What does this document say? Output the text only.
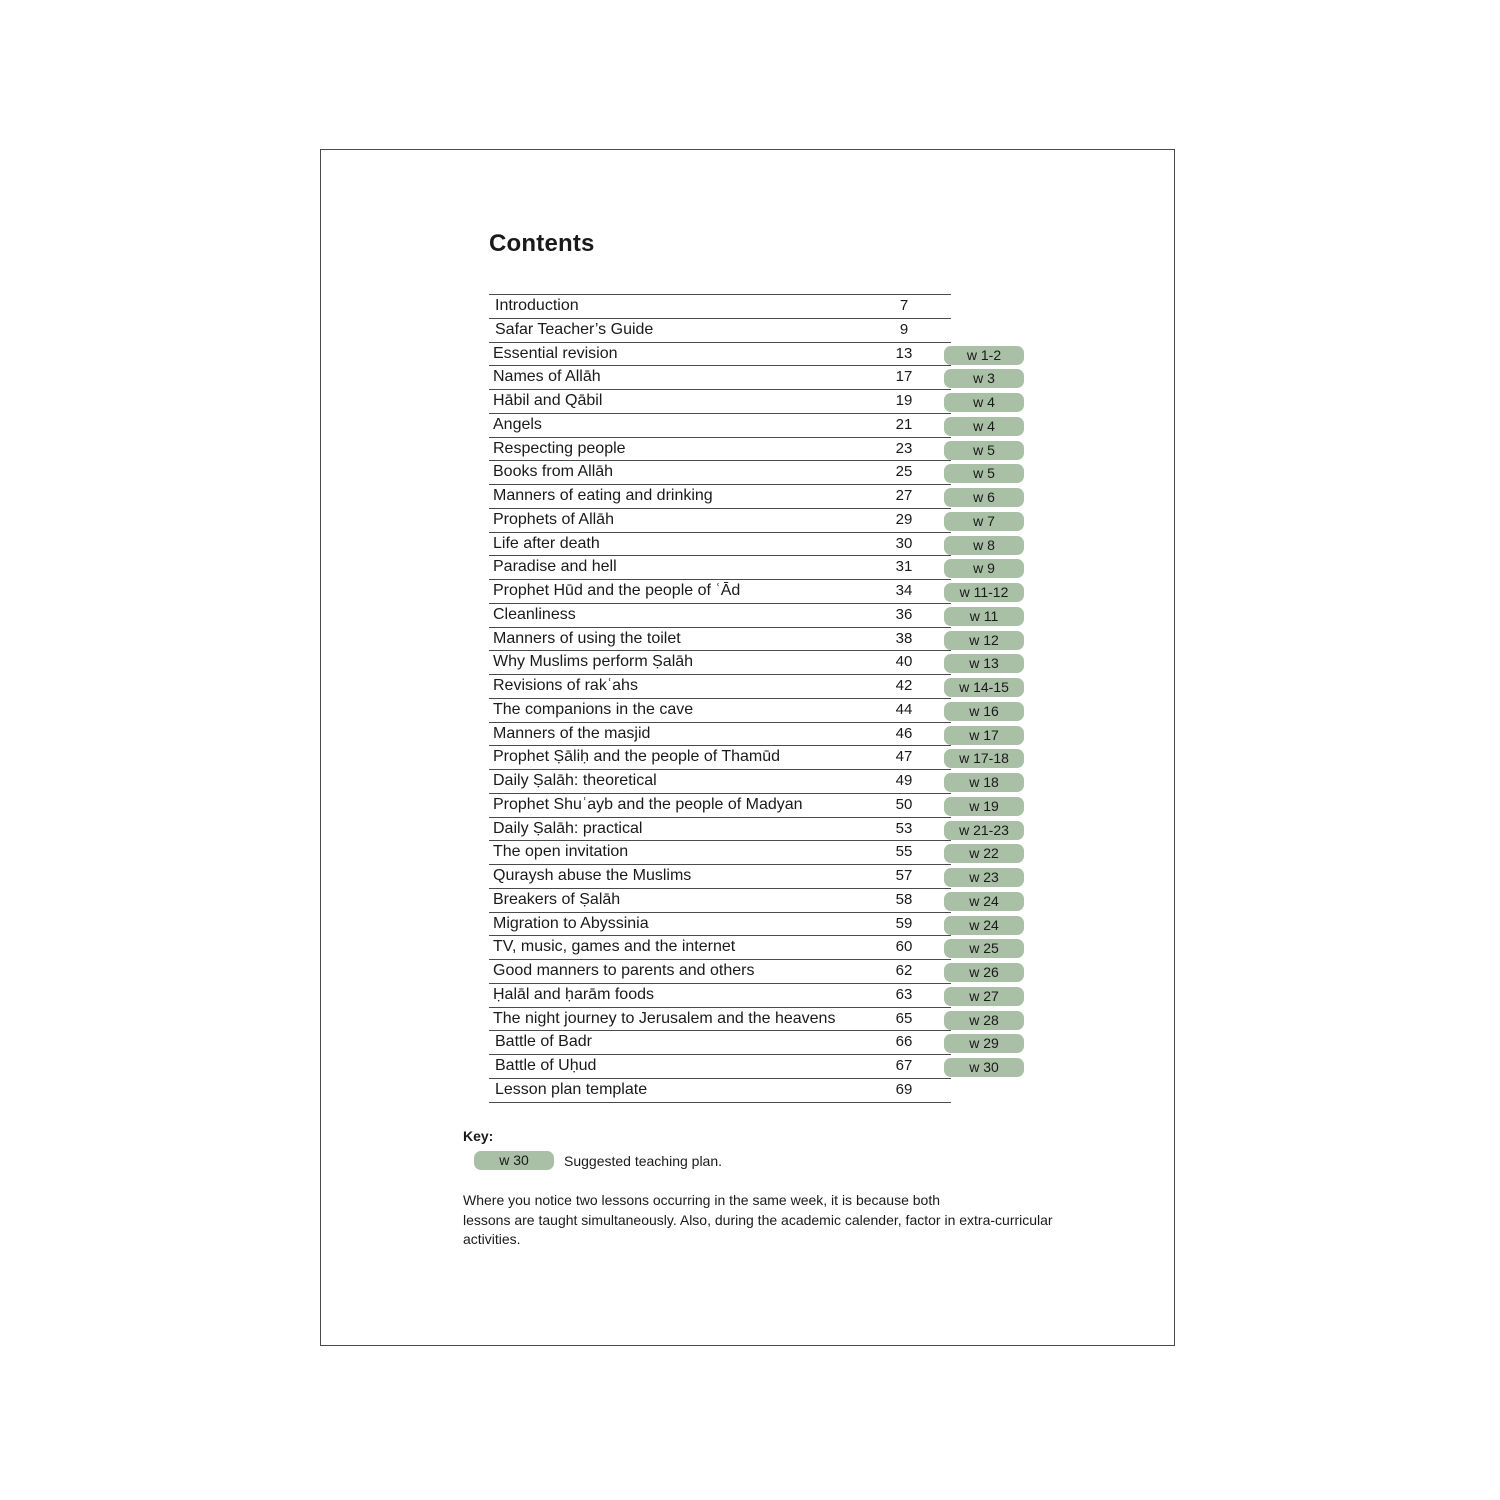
Contents
Introduction	7
Safar Teacher’s Guide	9
Essential revision	13	w 1-2
Names of Allāh	17	w 3
Hābil and Qābil	19	w 4
Angels	21	w 4
Respecting people	23	w 5
Books from Allāh	25	w 5
Manners of eating and drinking	27	w 6
Prophets of Allāh	29	w 7
Life after death	30	w 8
Paradise and hell	31	w 9
Prophet Hūd and the people of ʿĀd	34	w 11-12
Cleanliness	36	w 11
Manners of using the toilet	38	w 12
Why Muslims perform Ṣalāh	40	w 13
Revisions of rakʿahs	42	w 14-15
The companions in the cave	44	w 16
Manners of the masjid	46	w 17
Prophet Ṣāliḥ and the people of Thamūd	47	w 17-18
Daily Ṣalāh: theoretical	49	w 18
Prophet Shuʿayb and the people of Madyan	50	w 19
Daily Ṣalāh: practical	53	w 21-23
The open invitation	55	w 22
Quraysh abuse the Muslims	57	w 23
Breakers of Ṣalāh	58	w 24
Migration to Abyssinia	59	w 24
TV, music, games and the internet	60	w 25
Good manners to parents and others	62	w 26
Ḥalāl and ḥarām foods	63	w 27
The night journey to Jerusalem and the heavens	65	w 28
Battle of Badr	66	w 29
Battle of Uḥud	67	w 30
Lesson plan template	69
Key:
w 30	Suggested teaching plan.
Where you notice two lessons occurring in the same week, it is because both
lessons are taught simultaneously. Also, during the academic calender, factor in extra-curricular
activities.
